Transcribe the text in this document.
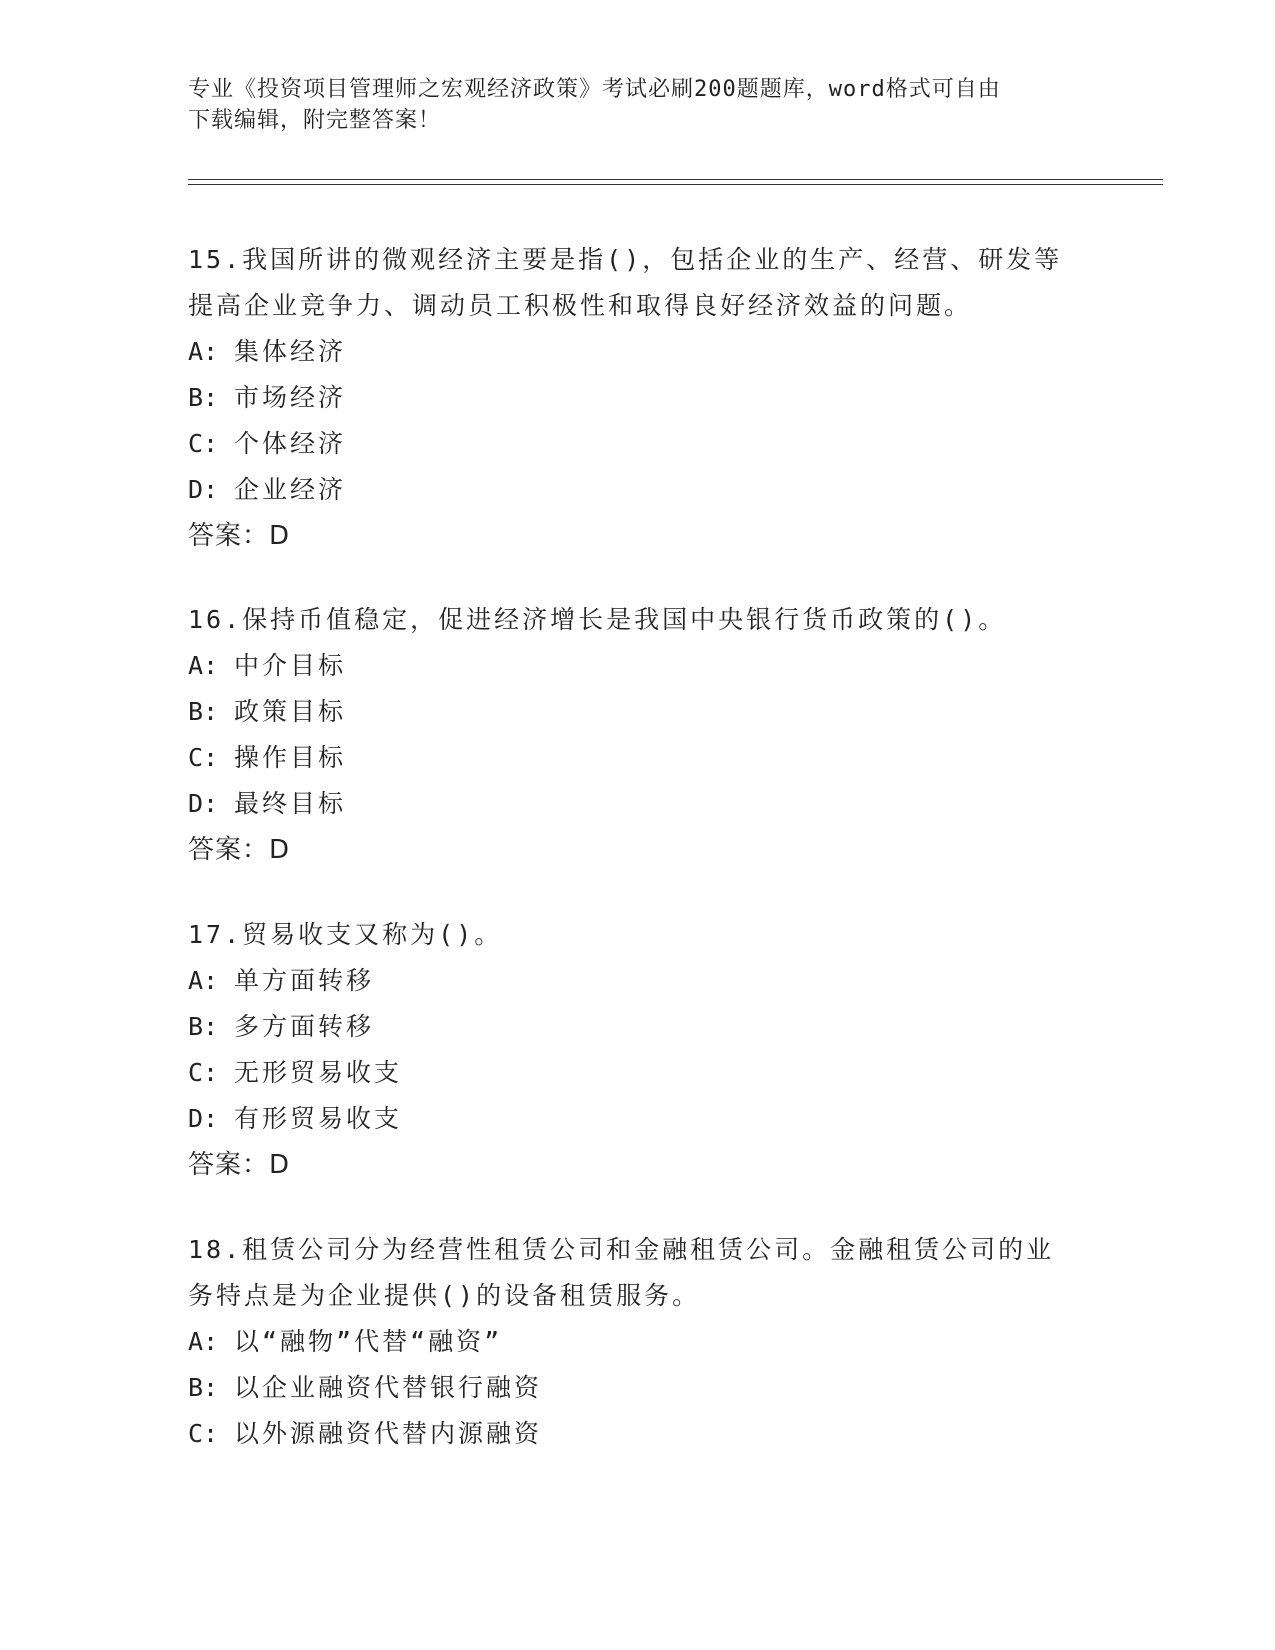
专业《投资项目管理师之宏观经济政策》考试必刷200题题库，word格式可自由
下载编辑，附完整答案！
15.我国所讲的微观经济主要是指()，包括企业的生产、经营、研发等
提高企业竞争力、调动员工积极性和取得良好经济效益的问题。
A: 集体经济
B: 市场经济
C: 个体经济
D: 企业经济
答案：D
16.保持币值稳定，促进经济增长是我国中央银行货币政策的()。
A: 中介目标
B: 政策目标
C: 操作目标
D: 最终目标
答案：D
17.贸易收支又称为()。
A: 单方面转移
B: 多方面转移
C: 无形贸易收支
D: 有形贸易收支
答案：D
18.租赁公司分为经营性租赁公司和金融租赁公司。金融租赁公司的业
务特点是为企业提供()的设备租赁服务。
A: 以“融物”代替“融资”
B: 以企业融资代替银行融资
C: 以外源融资代替内源融资
